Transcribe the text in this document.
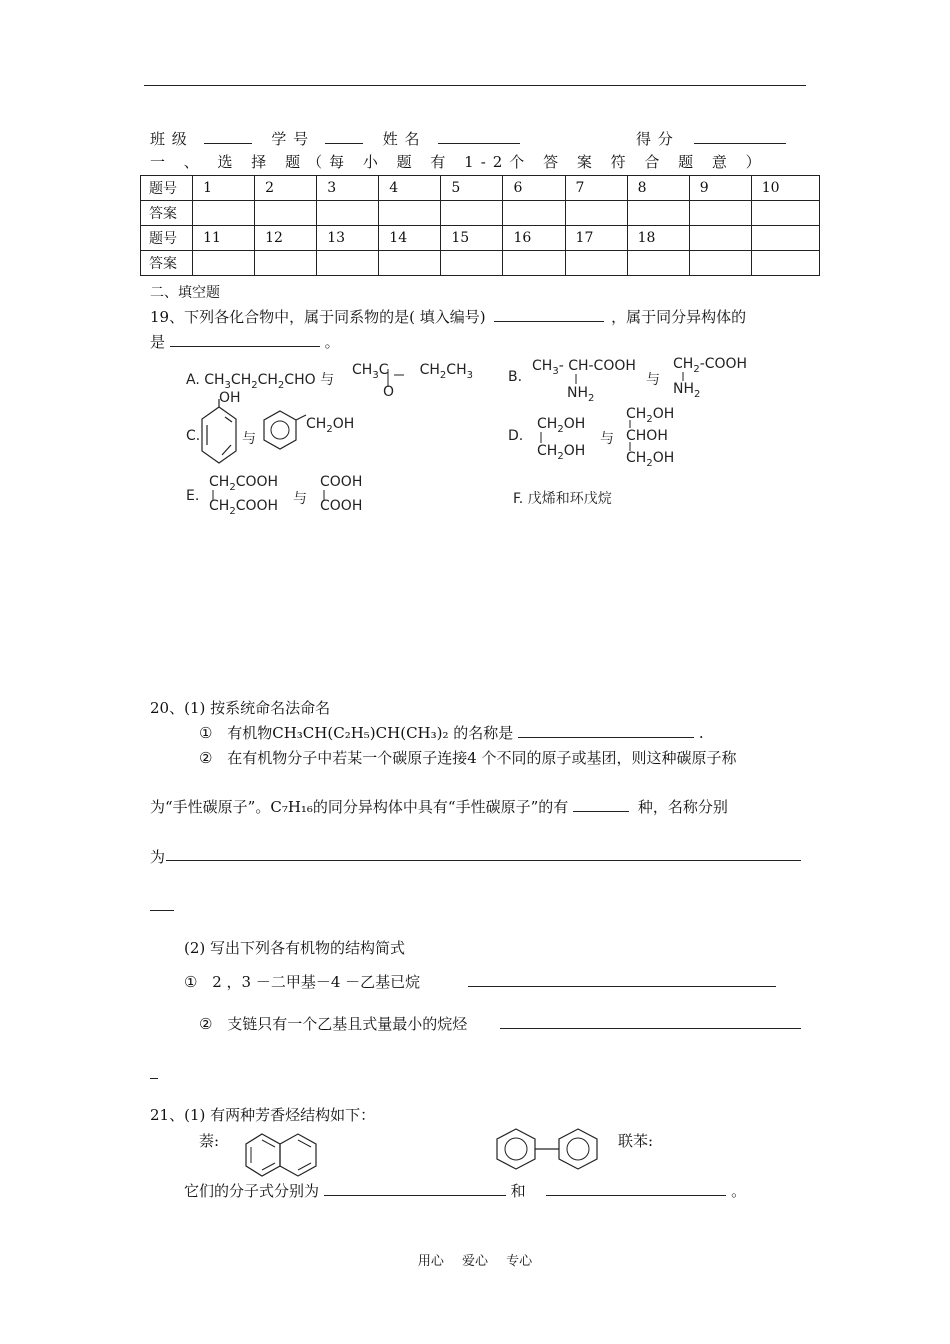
班 级	学 号	姓 名	得 分
一 、 选 择 题（每 小 题 有 1-2个 答 案 符 合 题 意 ）
题号	1	2	3	4	5	6	7	8	9	10
答案										
题号	11	12	13	14	15	16	17	18		
答案										
二、填空题
19、下列各化合物中，属于同系物的是( 填入编号)	，属于同分异构体的
是	。
A. $CH_3CH_2CH_2CHO$ 与
$CH_3C$       $CH_2CH_3$
O
B.
$CH_3-$ CH-COOH
$NH_2$
与
$CH_2$-COOH
$NH_2$
C.
OH
与
$CH_2OH$
D.
$CH_2OH$
$CH_2OH$
与
$CH_2OH$
CHOH
$CH_2OH$
E.
$CH_2COOH$
$CH_2COOH$ 与
COOH
COOH	F. 戊烯和环戊烷
20、(1) 按系统命名法命名
① 有机物CH₃CH(C₂H₅)CH(CH₃)₂ 的名称是	.
② 在有机物分子中若某一个碳原子连接4 个不同的原子或基团，则这种碳原子称
为“手性碳原子”。C₇H₁₆的同分异构体中具有“手性碳原子”的有	种，名称分别
为
(2) 写出下列各有机物的结构简式
① 2 ，3 －二甲基－4 －乙基已烷
② 支链只有一个乙基且式量最小的烷烃
21、(1) 有两种芳香烃结构如下：
萘:	联苯:
它们的分子式分别为	和	。
用心 爱心 专心
